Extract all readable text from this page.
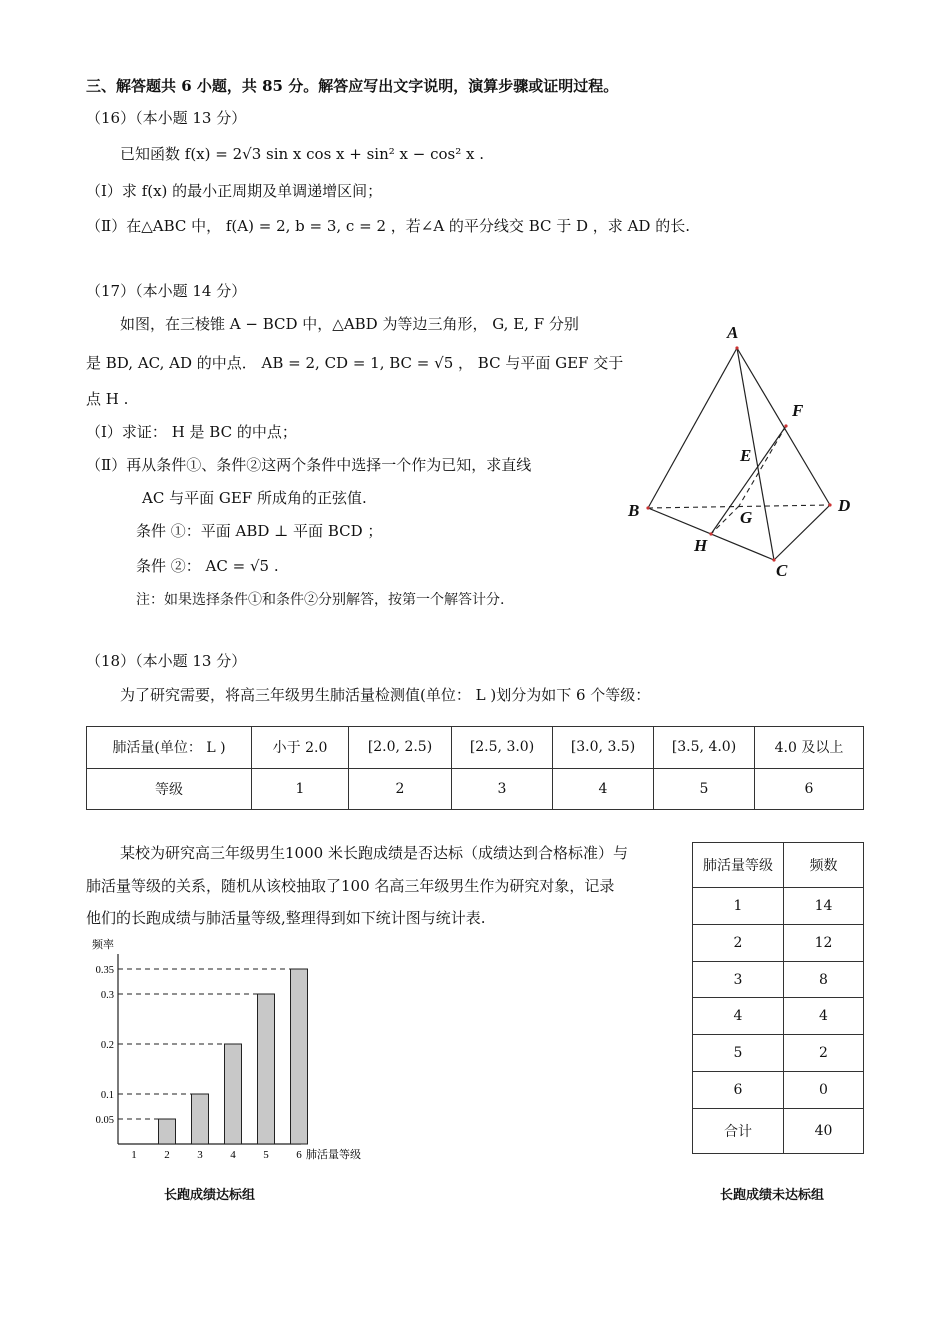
三、解答题共 6 小题，共 85 分。解答应写出文字说明，演算步骤或证明过程。
（16）（本小题 13 分）
已知函数 f(x) = 2√3 sin x cos x + sin² x − cos² x .
（Ⅰ）求 f(x) 的最小正周期及单调递增区间；
（Ⅱ）在△ABC 中， f(A) = 2, b = 3, c = 2 ，若∠A 的平分线交 BC 于 D ，求 AD 的长.
（17）（本小题 14 分）
如图，在三棱锥 A − BCD 中，△ABD 为等边三角形， G, E, F 分别
是 BD, AC, AD 的中点． AB = 2, CD = 1, BC = √5 ， BC 与平面 GEF 交于
点 H .
（Ⅰ）求证： H 是 BC 的中点；
（Ⅱ）再从条件①、条件②这两个条件中选择一个作为已知，求直线
AC 与平面 GEF 所成角的正弦值.
条件 ①：平面 ABD ⊥ 平面 BCD ；
条件 ②： AC = √5 .
注：如果选择条件①和条件②分别解答，按第一个解答计分.
A
F
E
B	D
G
H
C
（18）（本小题 13 分）
为了研究需要，将高三年级男生肺活量检测值(单位： L )划分为如下 6 个等级：
肺活量(单位： L )	小于 2.0	[2.0, 2.5)	[2.5, 3.0)	[3.0, 3.5)	[3.5, 4.0)	4.0 及以上
等级	1	2	3	4	5	6
某校为研究高三年级男生1000 米长跑成绩是否达标（成绩达到合格标准）与
肺活量等级的关系，随机从该校抽取了100 名高三年级男生作为研究对象，记录
他们的长跑成绩与肺活量等级,整理得到如下统计图与统计表.
肺活量等级	频数
1	14
2	12
3	8
4	4
5	2
6	0
合计	40
频率
肺活量等级
1	2	3	4	5	6
0.05
0.1
0.2
0.3
0.35
长跑成绩达标组	长跑成绩未达标组
